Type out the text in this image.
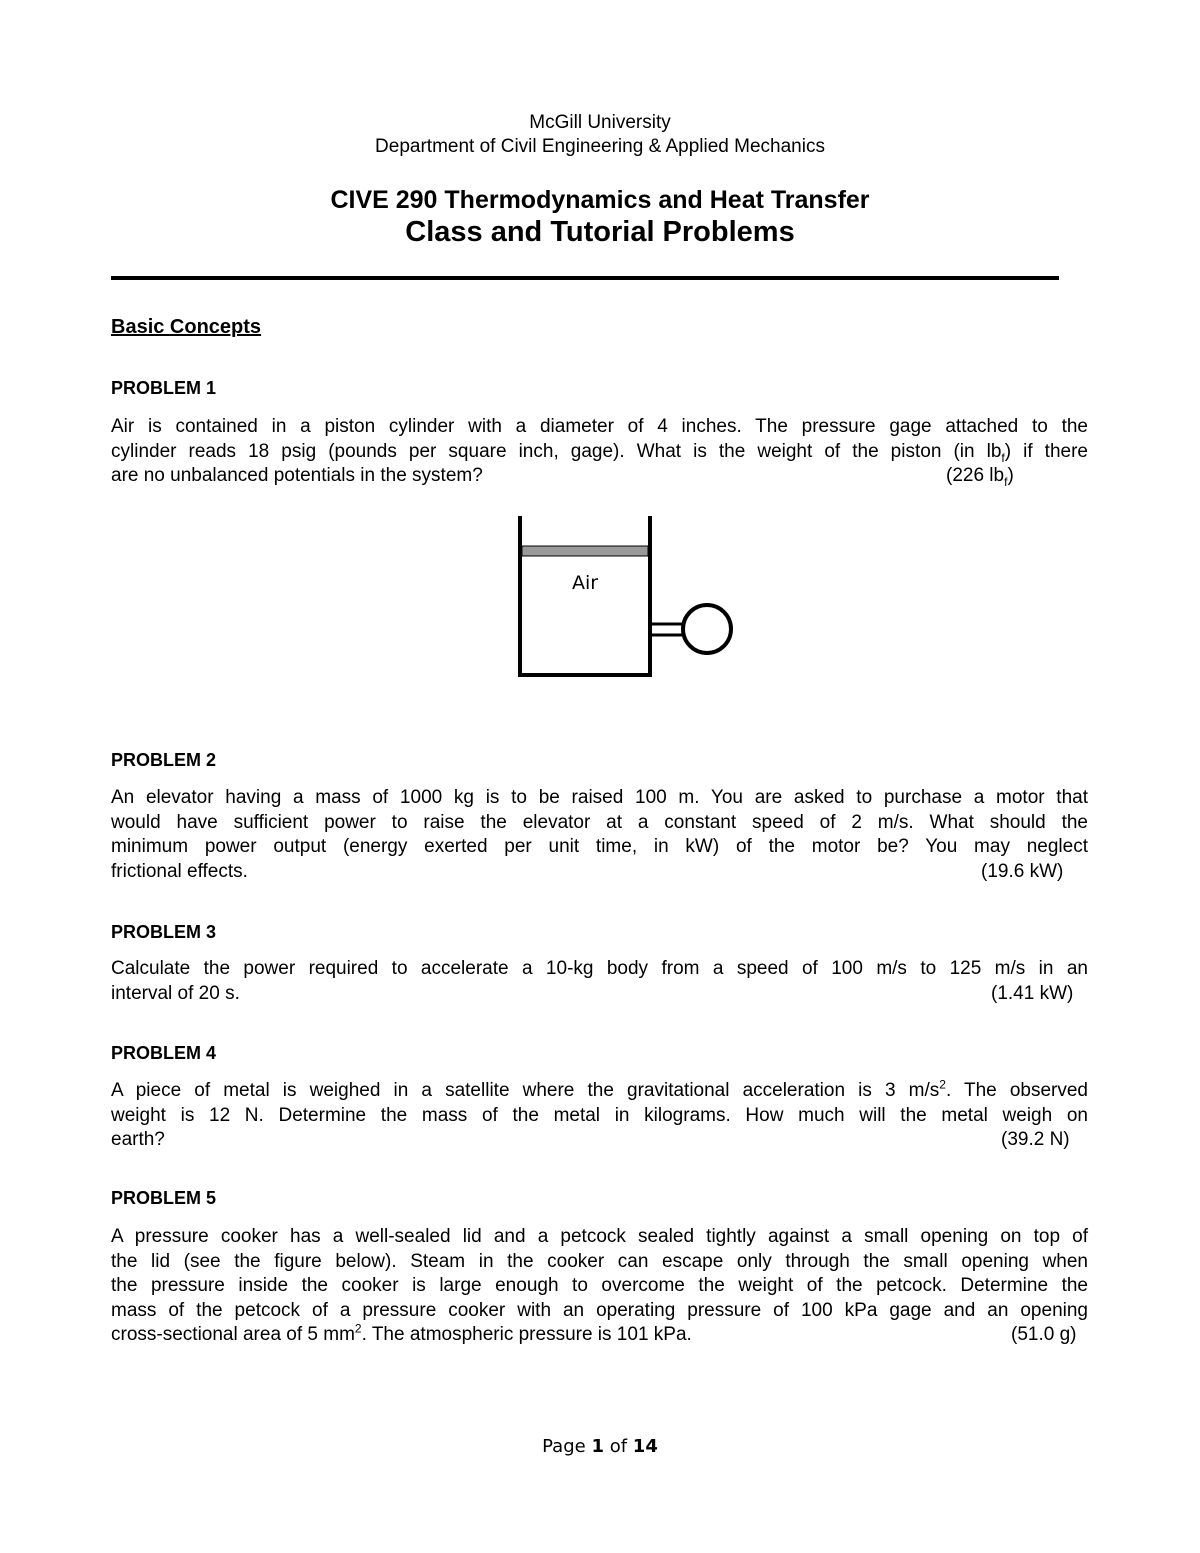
McGill University
Department of Civil Engineering & Applied Mechanics
CIVE 290 Thermodynamics and Heat Transfer
Class and Tutorial Problems
Basic Concepts
PROBLEM 1
Air is contained in a piston cylinder with a diameter of 4 inches. The pressure gage attached to the
cylinder reads 18 psig (pounds per square inch, gage). What is the weight of the piston (in $lb_f$) if there
are no unbalanced potentials in the system?	(226 $lb_f$)
Air
PROBLEM 2
An elevator having a mass of 1000 kg is to be raised 100 m. You are asked to purchase a motor that
would have sufficient power to raise the elevator at a constant speed of 2 m/s. What should the
minimum power output (energy exerted per unit time, in kW) of the motor be? You may neglect
frictional effects.	(19.6 kW)
PROBLEM 3
Calculate the power required to accelerate a 10-kg body from a speed of 100 m/s to 125 m/s in an
interval of 20 s.	(1.41 kW)
PROBLEM 4
A piece of metal is weighed in a satellite where the gravitational acceleration is 3 $m/s^2$. The observed
weight is 12 N. Determine the mass of the metal in kilograms. How much will the metal weigh on
earth?	(39.2 N)
PROBLEM 5
A pressure cooker has a well-sealed lid and a petcock sealed tightly against a small opening on top of
the lid (see the figure below). Steam in the cooker can escape only through the small opening when
the pressure inside the cooker is large enough to overcome the weight of the petcock. Determine the
mass of the petcock of a pressure cooker with an operating pressure of 100 kPa gage and an opening
cross-sectional area of 5 $mm^2$. The atmospheric pressure is 101 kPa.	(51.0 g)
Page 1 of 14
